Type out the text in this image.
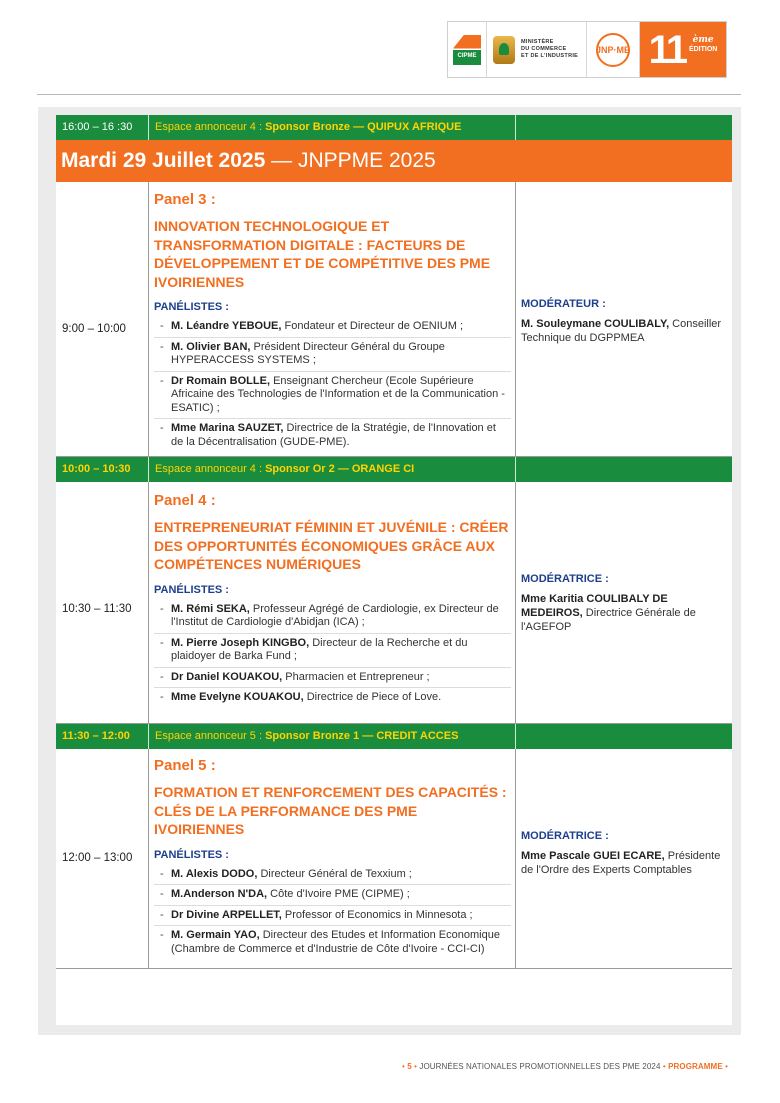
CIPME
MINISTÈRE
DU COMMERCE
ET DE L'INDUSTRIE
JNP·ME 11 ème
ÉDITION
16:00 – 16 :30 Espace annonceur 4 : Sponsor Bronze — QUIPUX AFRIQUE
Mardi 29 Juillet 2025 — JNPPME 2025
9:00 – 10:00
Panel 3 :
INNOVATION TECHNOLOGIQUE ET TRANSFORMATION DIGITALE : FACTEURS DE DÉVELOPPEMENT ET DE COMPÉTITIVE DES PME IVOIRIENNES
PANÉLISTES :
- M. Léandre YEBOUE, Fondateur et Directeur de OENIUM ;
- M. Olivier BAN, Président Directeur Général du Groupe HYPERACCESS SYSTEMS ;
- Dr Romain BOLLE, Enseignant Chercheur (Ecole Supérieure Africaine des Technologies de l'Information et de la Communication - ESATIC) ;
- Mme Marina SAUZET, Directrice de la Stratégie, de l'Innovation et de la Décentralisation (GUDE-PME).
MODÉRATEUR :
M. Souleymane COULIBALY, Conseiller Technique du DGPPMEA
10:00 – 10:30 Espace annonceur 4 : Sponsor Or 2 — ORANGE CI
10:30 – 11:30
Panel 4 :
ENTREPRENEURIAT FÉMININ ET JUVÉNILE : CRÉER DES OPPORTUNITÉS ÉCONOMIQUES GRÂCE AUX COMPÉTENCES NUMÉRIQUES
PANÉLISTES :
- M. Rémi SEKA, Professeur Agrégé de Cardiologie, ex Directeur de l'Institut de Cardiologie d'Abidjan (ICA) ;
- M. Pierre Joseph KINGBO, Directeur de la Recherche et du plaidoyer de Barka Fund ;
- Dr Daniel KOUAKOU, Pharmacien et Entrepreneur ;
- Mme Evelyne KOUAKOU, Directrice de Piece of Love.
MODÉRATRICE :
Mme Karitia COULIBALY DE MEDEIROS, Directrice Générale de l'AGEFOP
11:30 – 12:00 Espace annonceur 5 : Sponsor Bronze 1 — CREDIT ACCES
12:00 – 13:00
Panel 5 :
FORMATION ET RENFORCEMENT DES CAPACITÉS : CLÉS DE LA PERFORMANCE DES PME IVOIRIENNES
PANÉLISTES :
- M. Alexis DODO, Directeur Général de Texxium ;
- M.Anderson N'DA, Côte d'Ivoire PME (CIPME) ;
- Dr Divine ARPELLET, Professor of Economics in Minnesota ;
- M. Germain YAO, Directeur des Etudes et Information Economique (Chambre de Commerce et d'Industrie de Côte d'Ivoire - CCI-CI)
MODÉRATRICE :
Mme Pascale GUEI ECARE, Présidente de l'Ordre des Experts Comptables
• 5 • JOURNÉES NATIONALES PROMOTIONNELLES DES PME 2024 • PROGRAMME •
